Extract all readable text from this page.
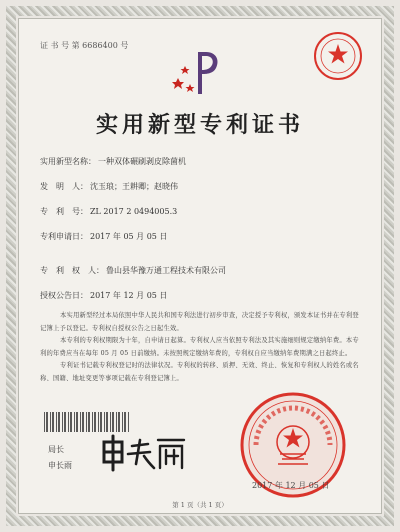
证 书 号 第 6686400 号
实用新型专利证书
实用新型名称： 一种双体碾刷剥皮除菌机
发　明　人： 沈玉琅；王耕卿；赵晓伟
专　利　号： ZL 2017 2 0494005.3
专利申请日： 2017 年 05 月 05 日
专　利　权　人： 鲁山县华豫万通工程技术有限公司
授权公告日： 2017 年 12 月 05 日

本实用新型经过本局依照中华人民共和国专利法进行初步审查，决定授予专利权，颁发本证书并在专利登记簿上予以登记。专利权自授权公告之日起生效。

本专利的专利权期限为十年，自申请日起算。专利权人应当依照专利法及其实施细则规定缴纳年费。本专利的年费应当在每年 05 月 05 日前缴纳。未按照规定缴纳年费的，专利权自应当缴纳年费期满之日起终止。

专利证书记载专利权登记时的法律状况。专利权的转移、质押、无效、终止、恢复和专利权人的姓名或名称、国籍、地址变更等事项记载在专利登记簿上。

局长
申长雨
2017 年 12 月 05 日
第 1 页（共 1 页）
